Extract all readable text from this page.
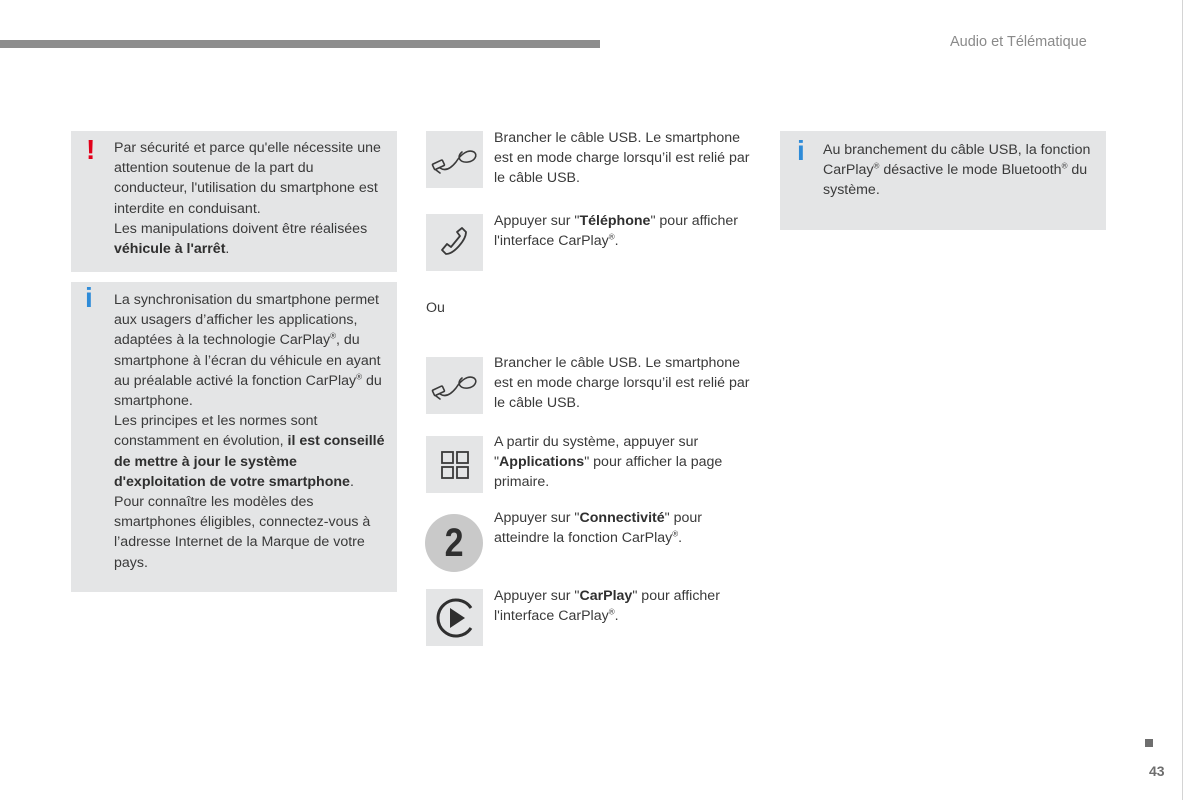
Audio et Télématique
! Par sécurité et parce qu'elle nécessite une attention soutenue de la part du conducteur, l'utilisation du smartphone est interdite en conduisant.

Les manipulations doivent être réalisées véhicule à l'arrêt.

i La synchronisation du smartphone permet aux usagers d’afficher les applications, adaptées à la technologie CarPlay®, du smartphone à l’écran du véhicule en ayant au préalable activé la fonction CarPlay® du smartphone.

Les principes et les normes sont constamment en évolution, il est conseillé de mettre à jour le système d'exploitation de votre smartphone.

Pour connaître les modèles des smartphones éligibles, connectez-vous à l’adresse Internet de la Marque de votre pays.

Brancher le câble USB. Le smartphone est en mode charge lorsqu’il est relié par le câble USB.
Appuyer sur "Téléphone" pour afficher l'interface CarPlay®.
Ou
Brancher le câble USB. Le smartphone est en mode charge lorsqu’il est relié par le câble USB.
A partir du système, appuyer sur "Applications" pour afficher la page primaire.
2
Appuyer sur "Connectivité" pour atteindre la fonction CarPlay®.
Appuyer sur "CarPlay" pour afficher l'interface CarPlay®.
i Au branchement du câble USB, la fonction CarPlay® désactive le mode Bluetooth® du système.

43
